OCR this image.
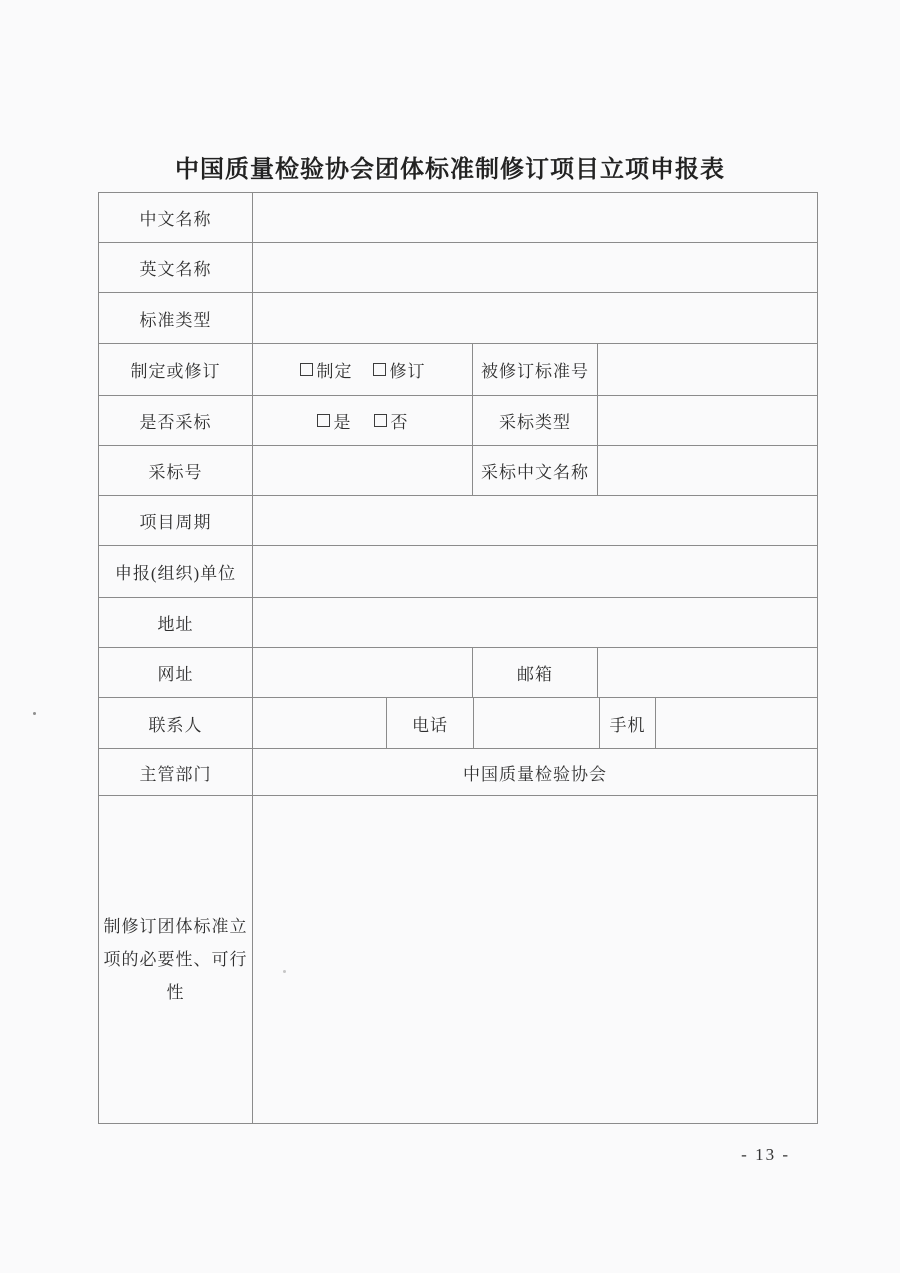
中国质量检验协会团体标准制修订项目立项申报表
中文名称
英文名称
标准类型
制定或修订	制定 修订	被修订标准号
是否采标	是 否	采标类型
采标号	采标中文名称
项目周期
申报(组织)单位
地址
网址	邮箱
联系人	电话	手机
主管部门	中国质量检验协会
制修订团体标准立
项的必要性、可行
性
- 13 -
